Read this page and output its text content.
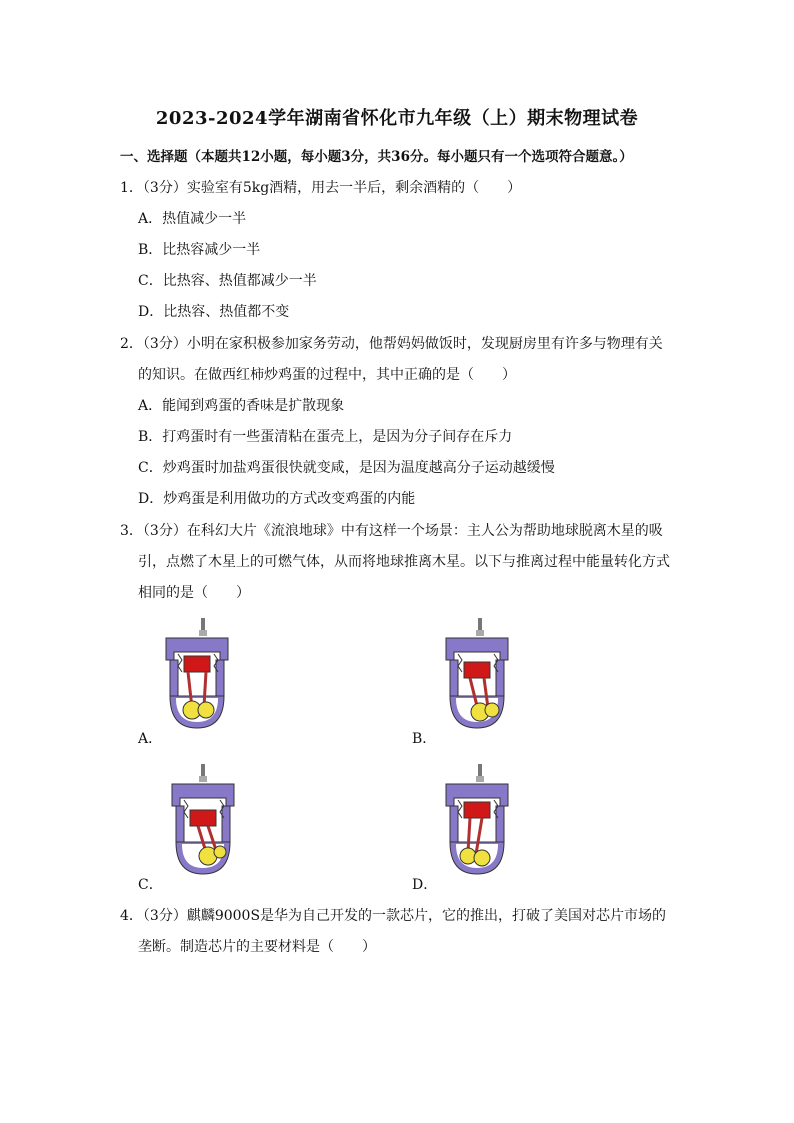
2023-2024学年湖南省怀化市九年级（上）期末物理试卷
一、选择题（本题共12小题，每小题3分，共36分。每小题只有一个选项符合题意。）
1．（3分）实验室有5kg酒精，用去一半后，剩余酒精的（　　）
A．热值减少一半
B．比热容减少一半
C．比热容、热值都减少一半
D．比热容、热值都不变
2．（3分）小明在家积极参加家务劳动，他帮妈妈做饭时，发现厨房里有许多与物理有关
的知识。在做西红柿炒鸡蛋的过程中，其中正确的是（　　）
A．能闻到鸡蛋的香味是扩散现象
B．打鸡蛋时有一些蛋清粘在蛋壳上，是因为分子间存在斥力
C．炒鸡蛋时加盐鸡蛋很快就变咸，是因为温度越高分子运动越缓慢
D．炒鸡蛋是利用做功的方式改变鸡蛋的内能
3．（3分）在科幻大片《流浪地球》中有这样一个场景：主人公为帮助地球脱离木星的吸
引，点燃了木星上的可燃气体，从而将地球推离木星。以下与推离过程中能量转化方式
相同的是（　　）
A．	B．
C．	D．
4．（3分）麒麟9000S是华为自己开发的一款芯片，它的推出，打破了美国对芯片市场的
垄断。制造芯片的主要材料是（　　）
